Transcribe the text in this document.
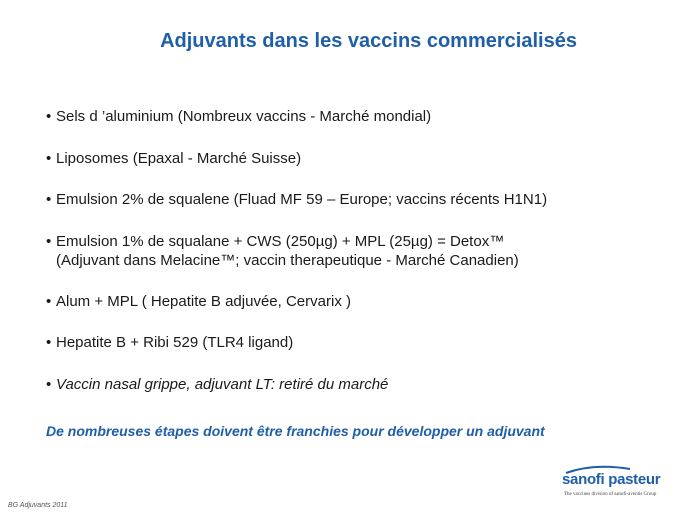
Adjuvants dans les vaccins commercialisés
• Sels d ’aluminium (Nombreux vaccins - Marché mondial)
• Liposomes (Epaxal - Marché Suisse)
• Emulsion 2% de squalene (Fluad MF 59 – Europe; vaccins récents H1N1)
• Emulsion 1% de squalane + CWS (250µg) + MPL (25µg) = Detox™
(Adjuvant dans Melacine™; vaccin therapeutique - Marché Canadien)
• Alum + MPL ( Hepatite B adjuvée, Cervarix )
• Hepatite B + Ribi 529 (TLR4 ligand)
• Vaccin nasal grippe, adjuvant LT: retiré du marché
De nombreuses étapes doivent être franchies pour développer un adjuvant
BG Adjuvants 2011
sanofi pasteur
The vaccines division of sanofi-aventis Group
